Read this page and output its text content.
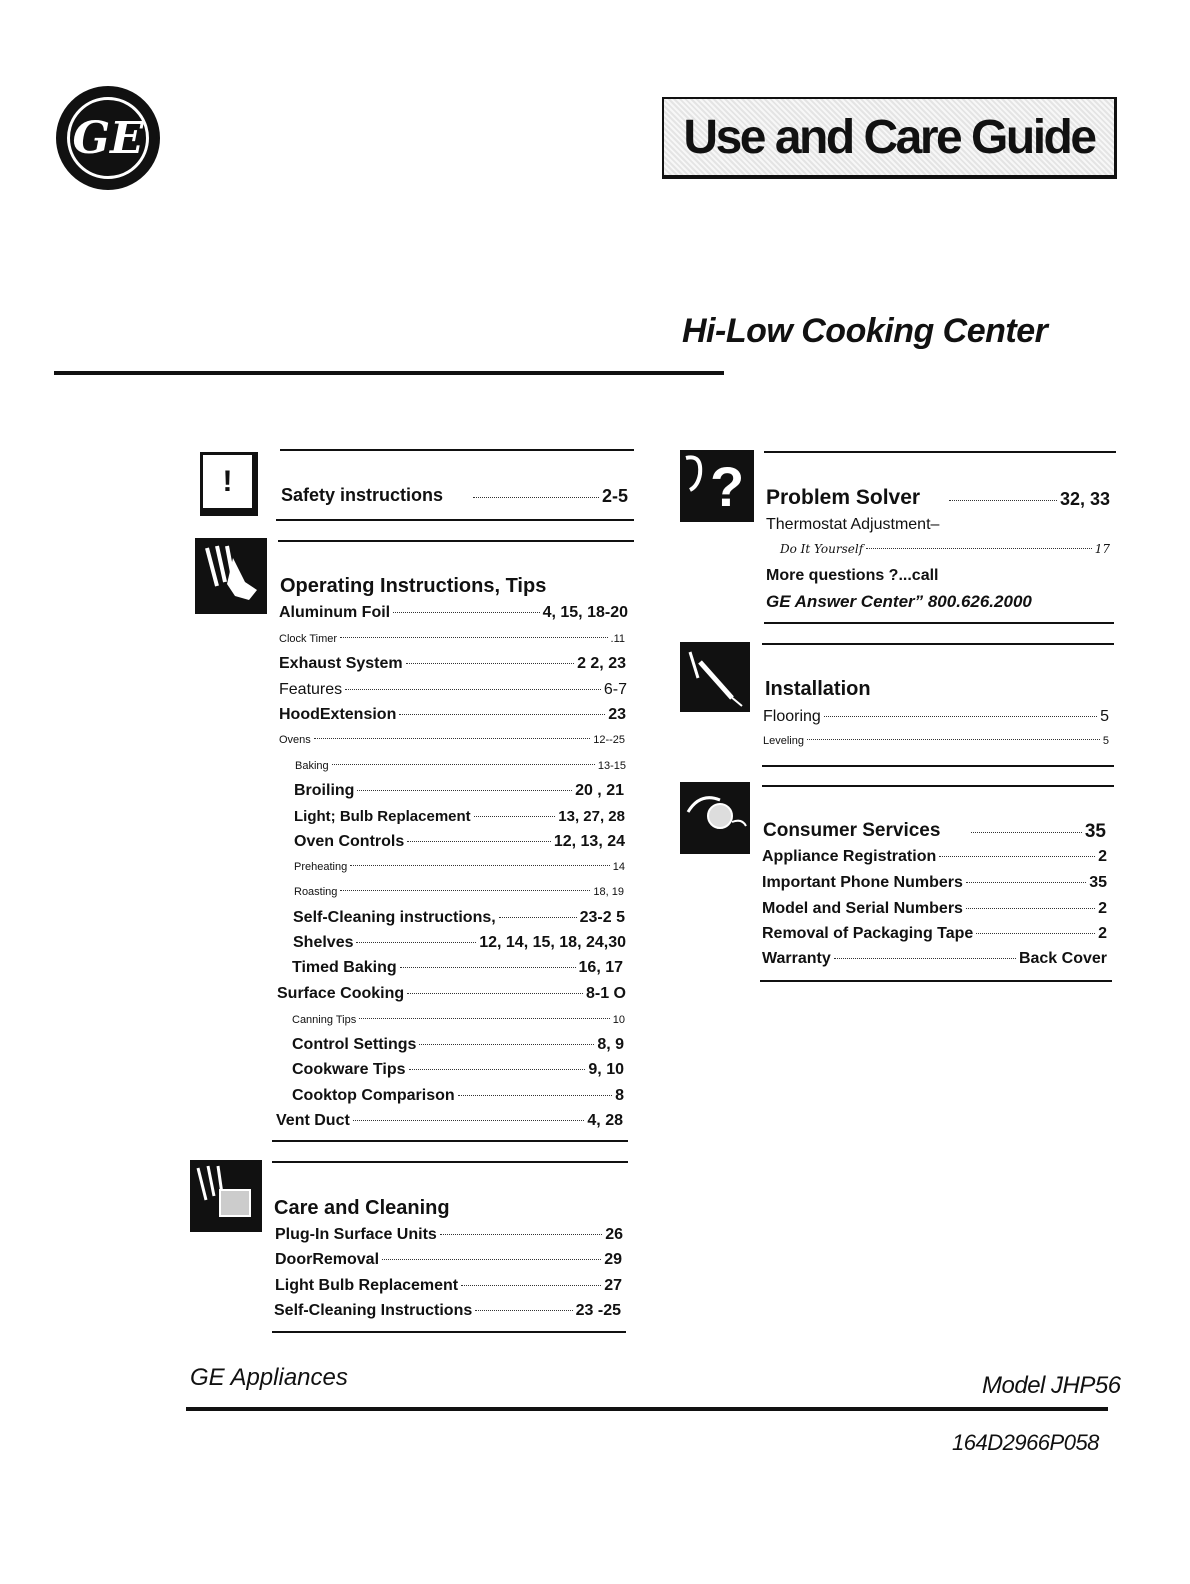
GE	Use and Care Guide
Hi-Low Cooking Center
!	Safety instructions	2-5
Operating Instructions, Tips
Aluminum Foil	4, 15, 18-20
Clock Timer	.11
Exhaust System	2 2, 23
Features	6-7
HoodExtension	23
Ovens	12--25
Baking	13-15
Broiling	20 , 21
Light; Bulb Replacement	13, 27, 28
Oven Controls	12, 13, 24
Preheating	14
Roasting	18, 19
Self-Cleaning instructions,	23-2 5
Shelves	12, 14, 15, 18, 24,30
Timed Baking	16, 17
Surface Cooking	8-1 O
Canning Tips	10
Control Settings	8, 9
Cookware Tips	9, 10
Cooktop Comparison	8
Vent Duct	4, 28
Care and Cleaning
Plug-In Surface Units	26
DoorRemoval	29
Light Bulb Replacement	27
Self-Cleaning Instructions	23 -25
? Problem Solver	32, 33
Thermostat Adjustment–
Do It Yourself	17
More questions ?...call
GE Answer Center” 800.626.2000
Installation
Flooring	5
Leveling	5
Consumer Services	35
Appliance Registration	2
Important Phone Numbers	35
Model and Serial Numbers	2
Removal of Packaging Tape	2
Warranty	Back Cover
GE Appliances	Model JHP56
164D2966P058
